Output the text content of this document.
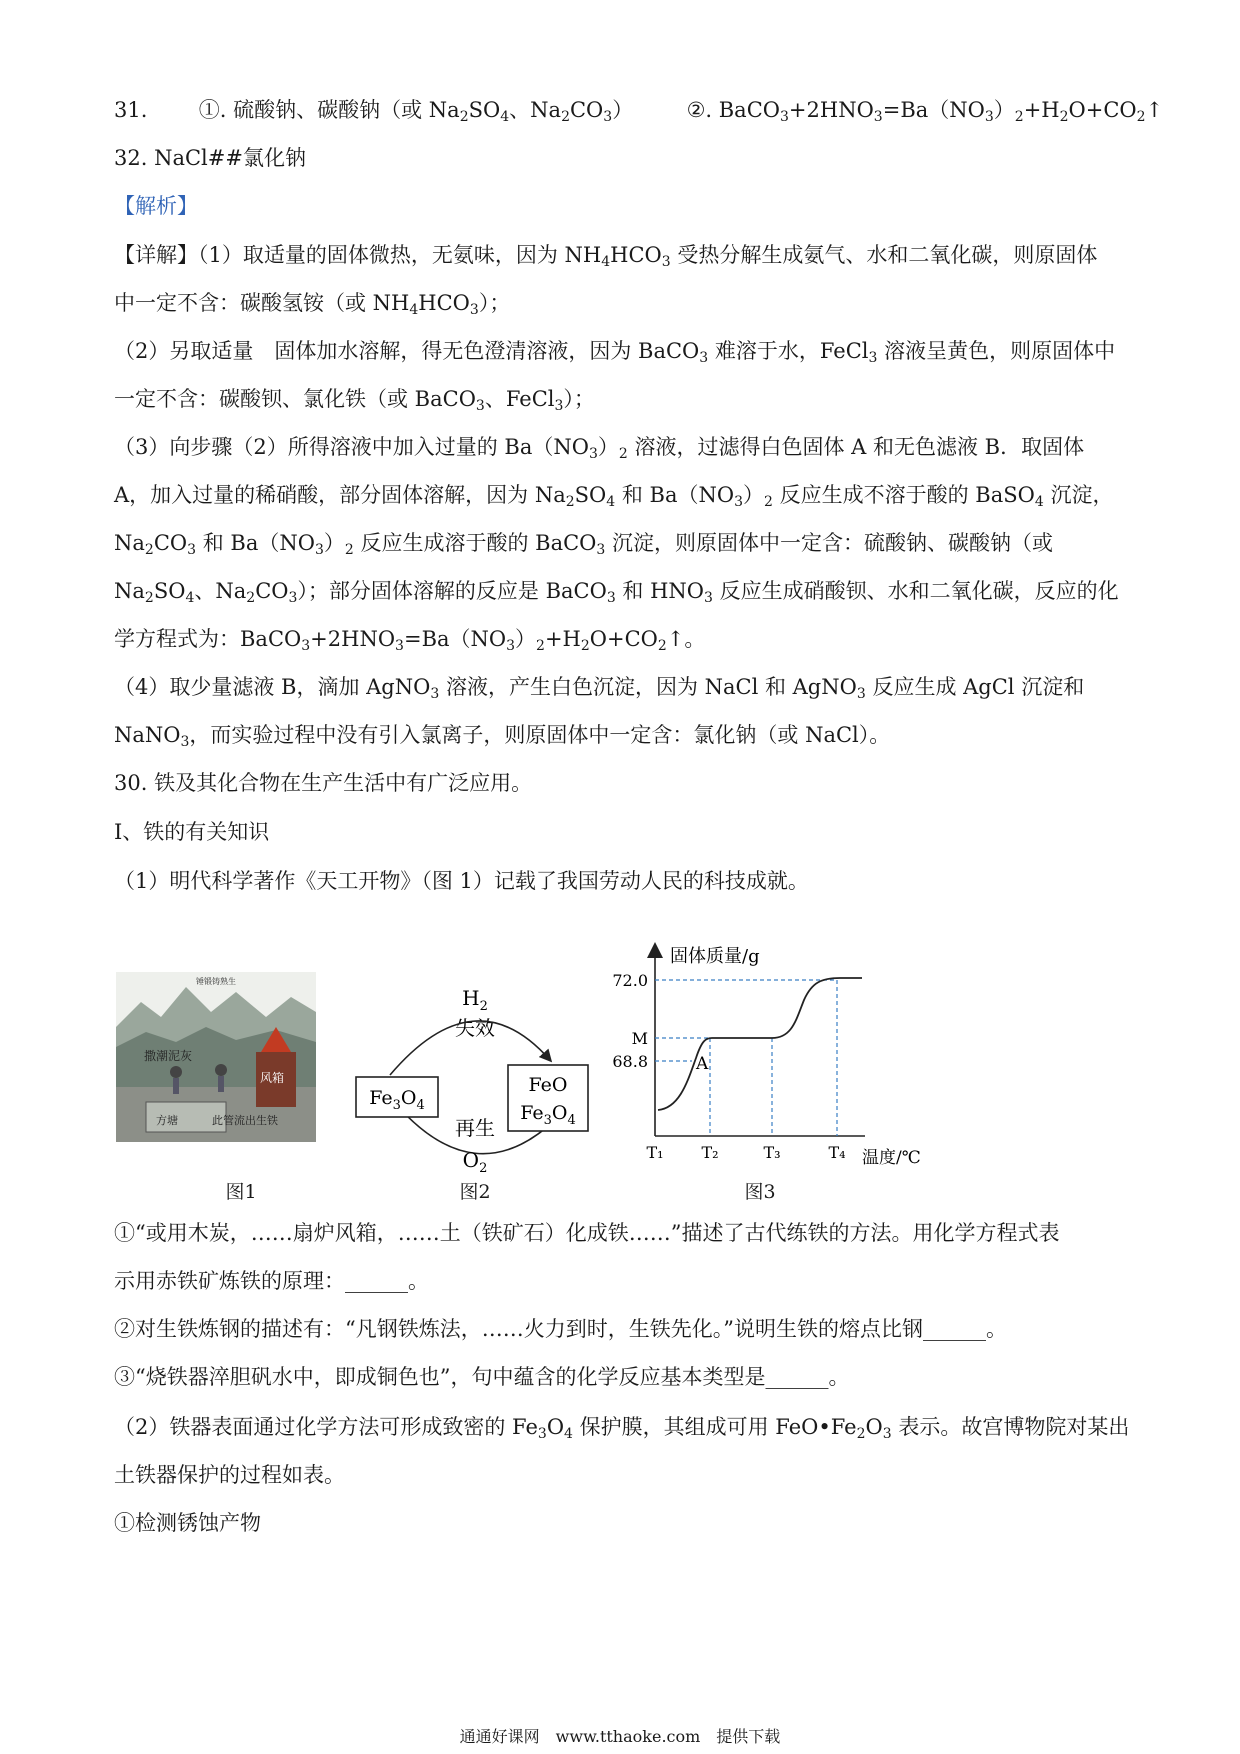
31. ①. 硫酸钠、碳酸钠（或 $Na_2SO_4$、$Na_2CO_3$）	②. $BaCO_3+2HNO_3=Ba(NO_3)_2+H_2O+CO_2↑$
32. NaCl##氯化钠
【解析】
【详解】（1）取适量的固体微热，无氨味，因为 $NH_4HCO_3$ 受热分解生成氨气、水和二氧化碳，则原固体
中一定不含：碳酸氢铵（或 $NH_4HCO_3$）；
（2）另取适量　固体加水溶解，得无色澄清溶液，因为 BaCO$_3$ 难溶于水，FeCl$_3$ 溶液呈黄色，则原固体中
一定不含：碳酸钡、氯化铁（或 BaCO$_3$、FeCl$_3$）；
（3）向步骤（2）所得溶液中加入过量的 $Ba(NO_3)_2$ 溶液，过滤得白色固体 A 和无色滤液 B．取固体
A，加入过量的稀硝酸，部分固体溶解，因为 $Na_2SO_4$ 和 $Ba(NO_3)_2$ 反应生成不溶于酸的 BaSO$_4$ 沉淀，
$Na_2CO_3$ 和 $Ba(NO_3)_2$ 反应生成溶于酸的 BaCO$_3$ 沉淀，则原固体中一定含：硫酸钠、碳酸钠（或
$Na_2SO_4$、$Na_2CO_3$）；部分固体溶解的反应是 BaCO$_3$ 和 $HNO_3$ 反应生成硝酸钡、水和二氧化碳，反应的化
学方程式为：$BaCO_3+2HNO_3=Ba(NO_3)_2+H_2O+CO_2↑$。
（4）取少量滤液 B，滴加 AgNO$_3$ 溶液，产生白色沉淀，因为 NaCl 和 AgNO$_3$ 反应生成 AgCl 沉淀和
NaNO$_3$，而实验过程中没有引入氯离子，则原固体中一定含：氯化钠（或 NaCl）。
30. 铁及其化合物在生产生活中有广泛应用。
Ⅰ、铁的有关知识
（1）明代科学著作《天工开物》（图 1）记载了我国劳动人民的科技成就。
锤锻铸熟生
撒潮泥灰
风箱
方塘	此管流出生铁
图1
$H_2$
失效
$Fe_3O_4$
FeO
$Fe_3O_4$
再生
$O_2$
图2
固体质量/g
温度/℃
72.0
M
68.8
T₁ T₂	T₃	T₄
A
图3
①“或用木炭，……扇炉风箱，……土（铁矿石）化成铁……”描述了古代练铁的方法。用化学方程式表
示用赤铁矿炼铁的原理：______。
②对生铁炼钢的描述有：“凡钢铁炼法，……火力到时，生铁先化。”说明生铁的熔点比钢______。
③“烧铁器淬胆矾水中，即成铜色也”，句中蕴含的化学反应基本类型是______。
（2）铁器表面通过化学方法可形成致密的 $Fe_3O_4$ 保护膜，其组成可用 $FeO•Fe_2O_3$ 表示。故宫博物院对某出
土铁器保护的过程如表。
①检测锈蚀产物
通通好课网　www.tthaoke.com　提供下载
